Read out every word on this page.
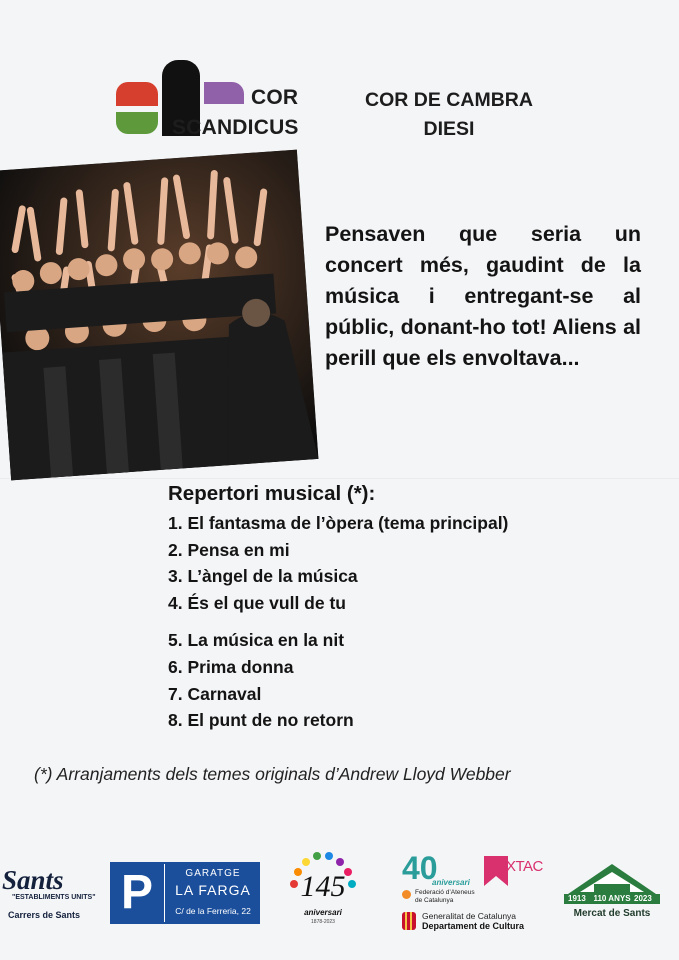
COR
SCANDICUS
COR DE CAMBRA
DIESI
Pensaven que seria un concert més, gaudint de la música i entregant-se al públic, donant-ho tot! Aliens al perill que els envoltava...
Repertori musical (*):
1. El fantasma de l’òpera (tema principal)
2. Pensa en mi
3. L’àngel de la música
4. És el que vull de tu
5. La música en la nit
6. Prima donna
7. Carnaval
8. El punt de no retorn
(*) Arranjaments dels temes originals d’Andrew Lloyd Webber
Sants
"ESTABLIMENTS UNITS"
Carrers de Sants P	GARATGE
LA FARGA
C/ de la Ferreria, 22
145
aniversari
1878-2023
40
aniversari
Federació d’Ateneus
de Catalunya
XTAC
Generalitat de Catalunya
Departament de Cultura
1913 110 ANYS 2023
Mercat de Sants
